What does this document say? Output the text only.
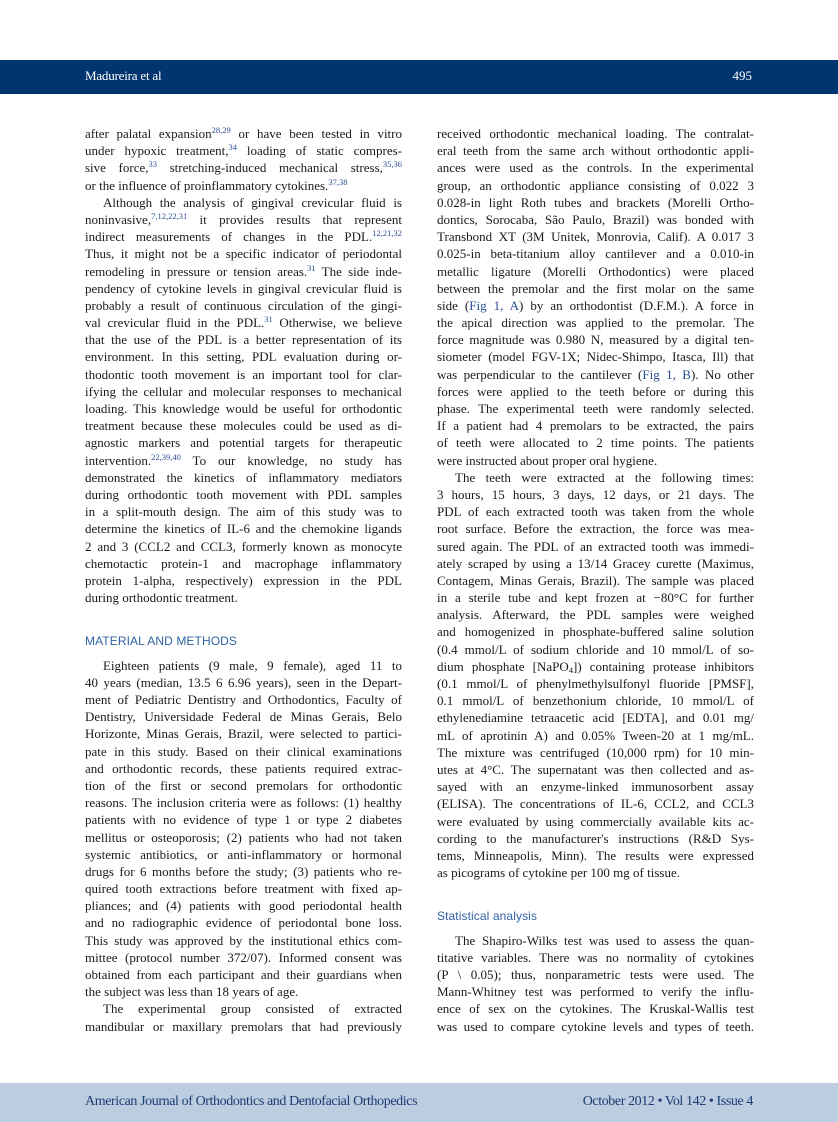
Madureira et al	495
after palatal expansion$^{28,29}$ or have been tested in vitro
under hypoxic treatment,$^{34}$ loading of static compres-
sive force,$^{33}$ stretching-induced mechanical stress,$^{35,36}$
or the influence of proinflammatory cytokines.$^{37,38}$
Although the analysis of gingival crevicular fluid is
noninvasive,$^{7,12,22,31}$ it provides results that represent
indirect measurements of changes in the PDL.$^{12,21,32}$
Thus, it might not be a specific indicator of periodontal
remodeling in pressure or tension areas.$^{31}$ The side inde-
pendency of cytokine levels in gingival crevicular fluid is
probably a result of continuous circulation of the gingi-
val crevicular fluid in the PDL.$^{31}$ Otherwise, we believe
that the use of the PDL is a better representation of its
environment. In this setting, PDL evaluation during or-
thodontic tooth movement is an important tool for clar-
ifying the cellular and molecular responses to mechanical
loading. This knowledge would be useful for orthodontic
treatment because these molecules could be used as di-
agnostic markers and potential targets for therapeutic
intervention.$^{22,39,40}$ To our knowledge, no study has
demonstrated the kinetics of inflammatory mediators
during orthodontic tooth movement with PDL samples
in a split-mouth design. The aim of this study was to
determine the kinetics of IL-6 and the chemokine ligands
2 and 3 (CCL2 and CCL3, formerly known as monocyte
chemotactic protein-1 and macrophage inflammatory
protein 1-alpha, respectively) expression in the PDL
during orthodontic treatment.
MATERIAL AND METHODS
Eighteen patients (9 male, 9 female), aged 11 to
40 years (median, 13.5 6 6.96 years), seen in the Depart-
ment of Pediatric Dentistry and Orthodontics, Faculty of
Dentistry, Universidade Federal de Minas Gerais, Belo
Horizonte, Minas Gerais, Brazil, were selected to partici-
pate in this study. Based on their clinical examinations
and orthodontic records, these patients required extrac-
tion of the first or second premolars for orthodontic
reasons. The inclusion criteria were as follows: (1) healthy
patients with no evidence of type 1 or type 2 diabetes
mellitus or osteoporosis; (2) patients who had not taken
systemic antibiotics, or anti-inflammatory or hormonal
drugs for 6 months before the study; (3) patients who re-
quired tooth extractions before treatment with fixed ap-
pliances; and (4) patients with good periodontal health
and no radiographic evidence of periodontal bone loss.
This study was approved by the institutional ethics com-
mittee (protocol number 372/07). Informed consent was
obtained from each participant and their guardians when
the subject was less than 18 years of age.
The experimental group consisted of extracted
mandibular or maxillary premolars that had previously
received orthodontic mechanical loading. The contralat-
eral teeth from the same arch without orthodontic appli-
ances were used as the controls. In the experimental
group, an orthodontic appliance consisting of 0.022 3
0.028-in light Roth tubes and brackets (Morelli Ortho-
dontics, Sorocaba, São Paulo, Brazil) was bonded with
Transbond XT (3M Unitek, Monrovia, Calif). A 0.017 3
0.025-in beta-titanium alloy cantilever and a 0.010-in
metallic ligature (Morelli Orthodontics) were placed
between the premolar and the first molar on the same
side (Fig 1, A) by an orthodontist (D.F.M.). A force in
the apical direction was applied to the premolar. The
force magnitude was 0.980 N, measured by a digital ten-
siometer (model FGV-1X; Nidec-Shimpo, Itasca, Ill) that
was perpendicular to the cantilever (Fig 1, B). No other
forces were applied to the teeth before or during this
phase. The experimental teeth were randomly selected.
If a patient had 4 premolars to be extracted, the pairs
of teeth were allocated to 2 time points. The patients
were instructed about proper oral hygiene.
The teeth were extracted at the following times:
3 hours, 15 hours, 3 days, 12 days, or 21 days. The
PDL of each extracted tooth was taken from the whole
root surface. Before the extraction, the force was mea-
sured again. The PDL of an extracted tooth was immedi-
ately scraped by using a 13/14 Gracey curette (Maximus,
Contagem, Minas Gerais, Brazil). The sample was placed
in a sterile tube and kept frozen at −80°C for further
analysis. Afterward, the PDL samples were weighed
and homogenized in phosphate-buffered saline solution
(0.4 mmol/L of sodium chloride and 10 mmol/L of so-
dium phosphate [NaPO$_4$]) containing protease inhibitors
(0.1 mmol/L of phenylmethylsulfonyl fluoride [PMSF],
0.1 mmol/L of benzethonium chloride, 10 mmol/L of
ethylenediamine tetraacetic acid [EDTA], and 0.01 mg/
mL of aprotinin A) and 0.05% Tween-20 at 1 mg/mL.
The mixture was centrifuged (10,000 rpm) for 10 min-
utes at 4°C. The supernatant was then collected and as-
sayed with an enzyme-linked immunosorbent assay
(ELISA). The concentrations of IL-6, CCL2, and CCL3
were evaluated by using commercially available kits ac-
cording to the manufacturer's instructions (R&D Sys-
tems, Minneapolis, Minn). The results were expressed
as picograms of cytokine per 100 mg of tissue.
Statistical analysis
The Shapiro-Wilks test was used to assess the quan-
titative variables. There was no normality of cytokines
(P \ 0.05); thus, nonparametric tests were used. The
Mann-Whitney test was performed to verify the influ-
ence of sex on the cytokines. The Kruskal-Wallis test
was used to compare cytokine levels and types of teeth.
American Journal of Orthodontics and Dentofacial Orthopedics	October 2012 • Vol 142 • Issue 4
